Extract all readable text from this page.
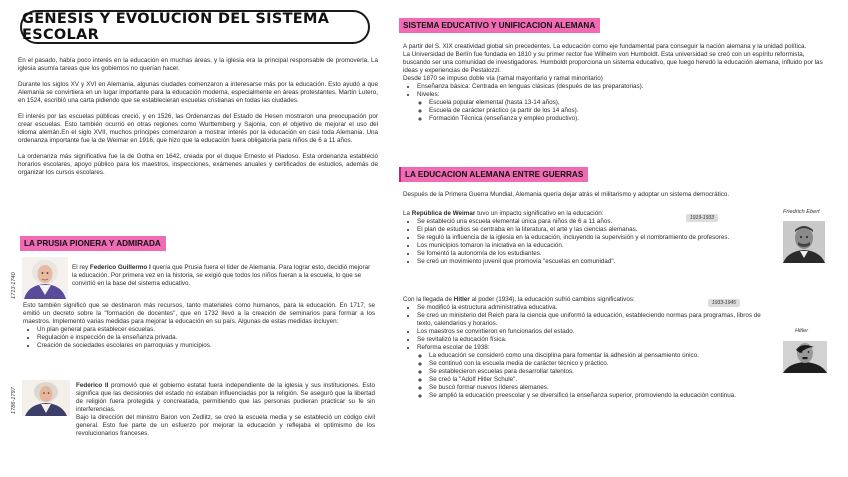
GENESIS Y EVOLUCION DEL SISTEMA ESCOLAR

En el pasado, había poco interés en la educación en muchas áreas, y la iglesia era la principal responsable de promoverla. La iglesia asumía tareas que los gobiernos no querían hacer.

Durante los siglos XV y XVI en Alemania, algunas ciudades comenzaron a interesarse más por la educación. Esto ayudó a que Alemania se convirtiera en un lugar importante para la educación moderna, especialmente en áreas protestantes. Martín Lutero, en 1524, escribió una carta pidiendo que se establecieran escuelas cristianas en todas las ciudades.

El interés por las escuelas públicas creció, y en 1526, las Ordenanzas del Estado de Hesen mostraron una preocupación por crear escuelas. Esto también ocurrió en otras regiones como Wurttemberg y Sajonia, con el objetivo de mejorar el uso del idioma alemán.En el siglo XVII, muchos príncipes comenzaron a mostrar interés por la educación en casi toda Alemania. Una ordenanza importante fue la de Weimar en 1916, que hizo que la educación fuera obligatoria para niños de 6 a 11 años.

La ordenanza más significativa fue la de Gotha en 1642, creada por el duque Ernesto el Piadoso. Esta ordenanza estableció horarios escolares, apoyo público para los maestros, inspecciones, exámenes anuales y certificados de estudios, además de organizar los cursos escolares.

LA PRUSIA PIONERA Y ADMIRADA
1713-1740

El rey Federico Guillermo I quería que Prusia fuera el líder de Alemania. Para lograr esto, decidió mejorar la educación. Por primera vez en la historia, se exigió que todos los niños fueran a la escuela, lo que se convirtió en la base del sistema educativo.

Esto también significó que se destinaron más recursos, tanto materiales como humanos, para la educación. En 1717, se emitió un decreto sobre la "formación de docentes", que en 1732 llevó a la creación de seminarios para formar a los maestros. Implementó varias medidas para mejorar la educación en su país. Algunas de estas medidas incluyen:

• Un plan general para establecer escuelas.
• Regulación e inspección de la enseñanza privada.
• Creación de sociedades escolares en parroquias y municipios.
1786-1797

Federico II promovió que el gobierno estatal fuera independiente de la iglesia y sus instituciones. Esto significa que las decisiones del estado no estaban influenciadas por la religión. Se aseguró que la libertad de religión fuera protegida y concreatada, permitiendo que las personas pudieran practicar su fe sin interferencias.

Bajo la dirección del ministro Baron von Zedlitz, se creó la escuela media y se estableció un código civil general. Esto fue parte de un esfuerzo por mejorar la educación y reflejaba el optimismo de los revolucionarios franceses.

SISTEMA EDUCATIVO Y UNIFICACION ALEMANA

A partir del S. XIX creatividad global sin precedentes. La educación como eje fundamental para conseguir la nación alemana y la unidad política.

La Universidad de Berlín fue fundada en 1810 y su primer rector fue Wilhelm von Humboldt. Esta universidad se creó con un espíritu reformista, buscando ser una comunidad de investigadores. Humboldt proporciona un sistema educativo, que luego heredó la educación alemana, influido por las ideas y experiencias de Pestalozzi.

Desde 1870 se impuso doble vía (ramal mayoritario y ramal minoritario)

• Enseñanza básica: Centrada en lenguas clásicas (después de las preparatorias).
• Niveles:
◦ Escuela popular elemental (hasta 13-14 años),
◦ Escuela de carácter práctico (a partir de los 14 años).
◦ Formación Técnica (enseñanza y empleo productivo).
LA EDUCACION ALEMANA ENTRE GUERRAS

Después de la Primera Guerra Mundial, Alemania quería dejar atrás el militarismo y adoptar un sistema democrático.

1919-1933

La República de Weimar tuvo un impacto significativo en la educación:

• Se estableció una escuela elemental única para niños de 6 a 11 años.
• El plan de estudios se centraba en la literatura, el arte y las ciencias alemanas.
• Se reguló la influencia de la iglesia en la educación, incluyendo la supervisión y el nombramiento de profesores.
• Los municipios tomaron la iniciativa en la educación.
• Se fomentó la autonomía de los estudiantes.
• Se creó un movimiento juvenil que promovía "escuelas en comunidad".
Friedrich Ebert
1933-1945

Con la llegada de Hitler al poder (1934), la educación sufrió cambios significativos:

• Se modificó la estructura administrativa educativa.
• Se creó un ministerio del Reich para la ciencia que uniformó la educación, estableciendo normas para programas, libros de texto, calendarios y horarios.
• Los maestros se convirtieron en funcionarios del estado.
• Se revitalizó la educación física.
• Reforma escolar de 1938:
◦ La educación se consideró como una disciplina para fomentar la adhesión al pensamiento único.
◦ Se continuó con la escuela media de carácter técnico y práctico.
◦ Se establecieron escuelas para desarrollar talentos.
◦ Se creó la "Adolf Hitler Schule".
◦ Se buscó formar nuevos líderes alemanes.
◦ Se amplió la educación preescolar y se diversificó la enseñanza superior, promoviendo la educación continua.
Hitler
